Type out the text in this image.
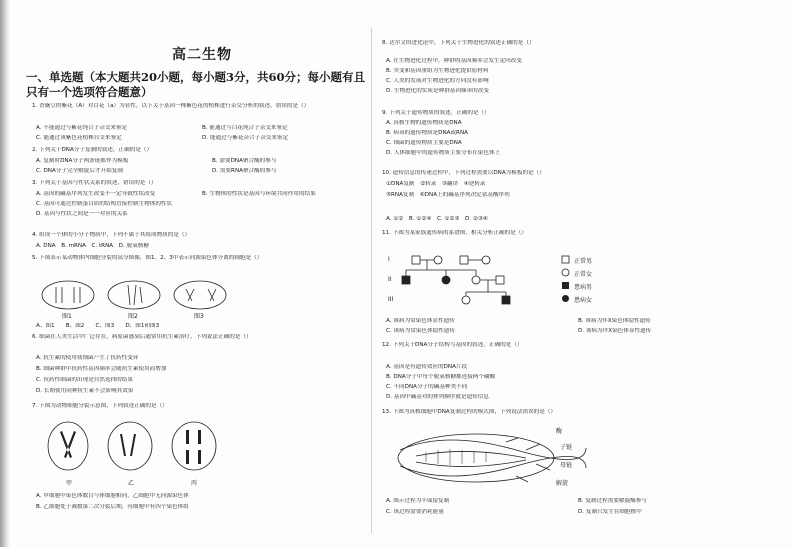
高二生物
一、单选题（本大题共20小题，每小题3分，共60分；每小题有且只有一个选项符合题意）
1. 香豌豆的紫花（A）对白花（a）为显性，以下关于基因一株紫色花的植株进行杂交分析的叙述，错误的是（）
A. 不能通过与紫花纯合子杂交来鉴定	B. 能通过与白花纯合子杂交来鉴定
C. 能通过该紫色花植株自交来鉴定	D. 能通过与紫花杂合子杂交来鉴定
2. 下列关于DNA分子复制的叙述，正确的是（）
A. 复制时DNA分子两条链都作为模板	B. 需要DNA聚合酶的参与
C. DNA分子完全解旋后才开始复制	D. 需要RNA聚合酶的参与
3. 下列关于基因与性状关系的叙述，错误的是（）
A. 基因的碱基序列发生改变不一定导致性状改变	B. 生物体的性状是基因与环境共同作用的结果
C. 基因可通过控制蛋白质的结构直接控制生物体的性状
D. 基因与性状之间是一一对应的关系
4. 组成一个体的小分子物质中，下列不属于其组成物质的是（）
A. DNA　B. mRNA　C. tRNA　D. 脱氧核糖
5. 下图表示某动物体内细胞分裂的部分图像，图1、2、3中表示同源染色体分离的细胞是（）
图1	图2	图3
A、图1　　B、图2　　C、图3　　D、图1和图3
6. 细菌在人类生活中广泛存在，病原菌感染后通常用抗生素治疗，下列说法正确的是（）
A. 抗生素的使用使细菌产生了抗药性变异
B. 细菌种群中抗药性基因频率会随抗生素使用而增加
C. 抗药性细菌的出现是自然选择的结果
D. 长期使用同种抗生素不会影响其效果
7. 下图为动物细胞分裂示意图，下列叙述正确的是（）
甲	乙	丙
A. 甲细胞中染色体数目与体细胞相同，乙细胞中无同源染色体
B. 乙细胞处于减数第二次分裂后期，丙细胞中有四个染色体组
8. 达尔文的进化论中，下列关于生物进化的叙述正确的是（）
A. 在生物进化过程中，种群的基因频率会发生定向改变
B. 突变和基因重组为生物进化提供原材料
C. 人类的发展对生物进化的方向没有影响
D. 生物进化的实质是种群基因频率的改变
9. 下列关于遗传物质的叙述，正确的是（）
A. 真核生物的遗传物质是DNA
B. 病毒的遗传物质是DNA或RNA
C. 细菌的遗传物质主要是DNA
D. 人体细胞中的遗传物质主要分布在染色体上
10. 遗传信息的传递过程中，下列过程需要以DNA为模板的是（）
①DNA复制　②转录　③翻译　④逆转录
⑤RNA复制　⑥DNA上的碱基序列决定氨基酸序列
A. ①②　B. ①②④　C. ①②③　D. ②③④
11. 下图为某家族遗传病的系谱图，相关分析正确的是（）
I
II
III
正常男
正常女
患病男
患病女
A. 该病为常染色体显性遗传	B. 该病为伴X染色体隐性遗传
C. 该病为常染色体隐性遗传	D. 该病为伴X染色体显性遗传
12. 下列关于DNA分子结构与基因的叙述，正确的是（）
A. 基因是有遗传效应的DNA片段
B. DNA分子中每个脱氧核糖都连接两个磷酸
C. 不同DNA分子的碱基种类不同
D. 基因中碱基对的排列顺序就是遗传信息
13. 下图为真核细胞中DNA复制过程的模式图，下列说法错误的是（）
酶
子链
母链
解旋
A. 图示过程为半保留复制	B. 复制过程需要解旋酶参与
C. 该过程需要消耗能量	D. 复制只发生在细胞核中
